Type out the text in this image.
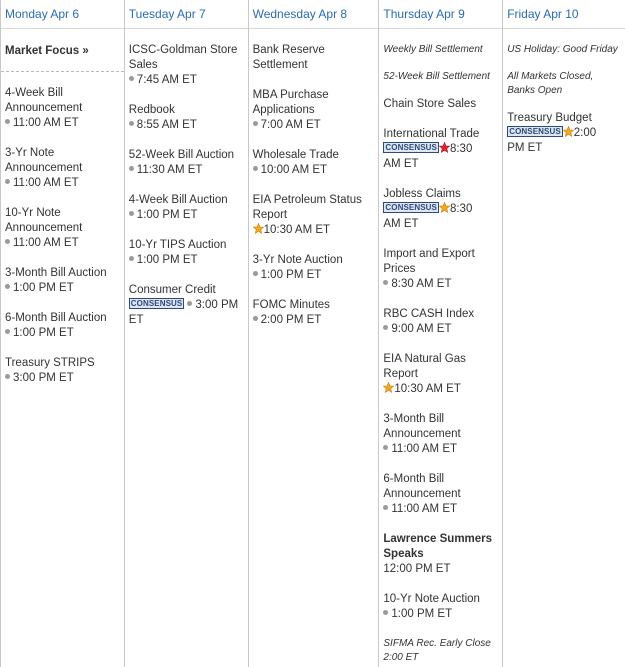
Monday Apr 6
Market Focus »
4-Week Bill Announcement
11:00 AM ET
3-Yr Note Announcement
11:00 AM ET
10-Yr Note Announcement
11:00 AM ET
3-Month Bill Auction
1:00 PM ET
6-Month Bill Auction
1:00 PM ET
Treasury STRIPS
3:00 PM ET
Tuesday Apr 7
ICSC-Goldman Store Sales
7:45 AM ET
Redbook
8:55 AM ET
52-Week Bill Auction
11:30 AM ET
4-Week Bill Auction
1:00 PM ET
10-Yr TIPS Auction
1:00 PM ET
Consumer Credit
CONSENSUS 3:00 PM ET
Wednesday Apr 8
Bank Reserve Settlement
MBA Purchase Applications
7:00 AM ET
Wholesale Trade
10:00 AM ET
EIA Petroleum Status Report
10:30 AM ET
3-Yr Note Auction
1:00 PM ET
FOMC Minutes
2:00 PM ET
Thursday Apr 9
Weekly Bill Settlement
52-Week Bill Settlement
Chain Store Sales
International Trade
CONSENSUS 8:30
AM ET
Jobless Claims
CONSENSUS 8:30
AM ET
Import and Export Prices
8:30 AM ET
RBC CASH Index
9:00 AM ET
EIA Natural Gas Report
10:30 AM ET
3-Month Bill Announcement
11:00 AM ET
6-Month Bill Announcement
11:00 AM ET
Lawrence Summers Speaks
12:00 PM ET
10-Yr Note Auction
1:00 PM ET
SIFMA Rec. Early Close 2:00 ET
Friday Apr 10
US Holiday: Good Friday
All Markets Closed, Banks Open
Treasury Budget
CONSENSUS 2:00
PM ET
